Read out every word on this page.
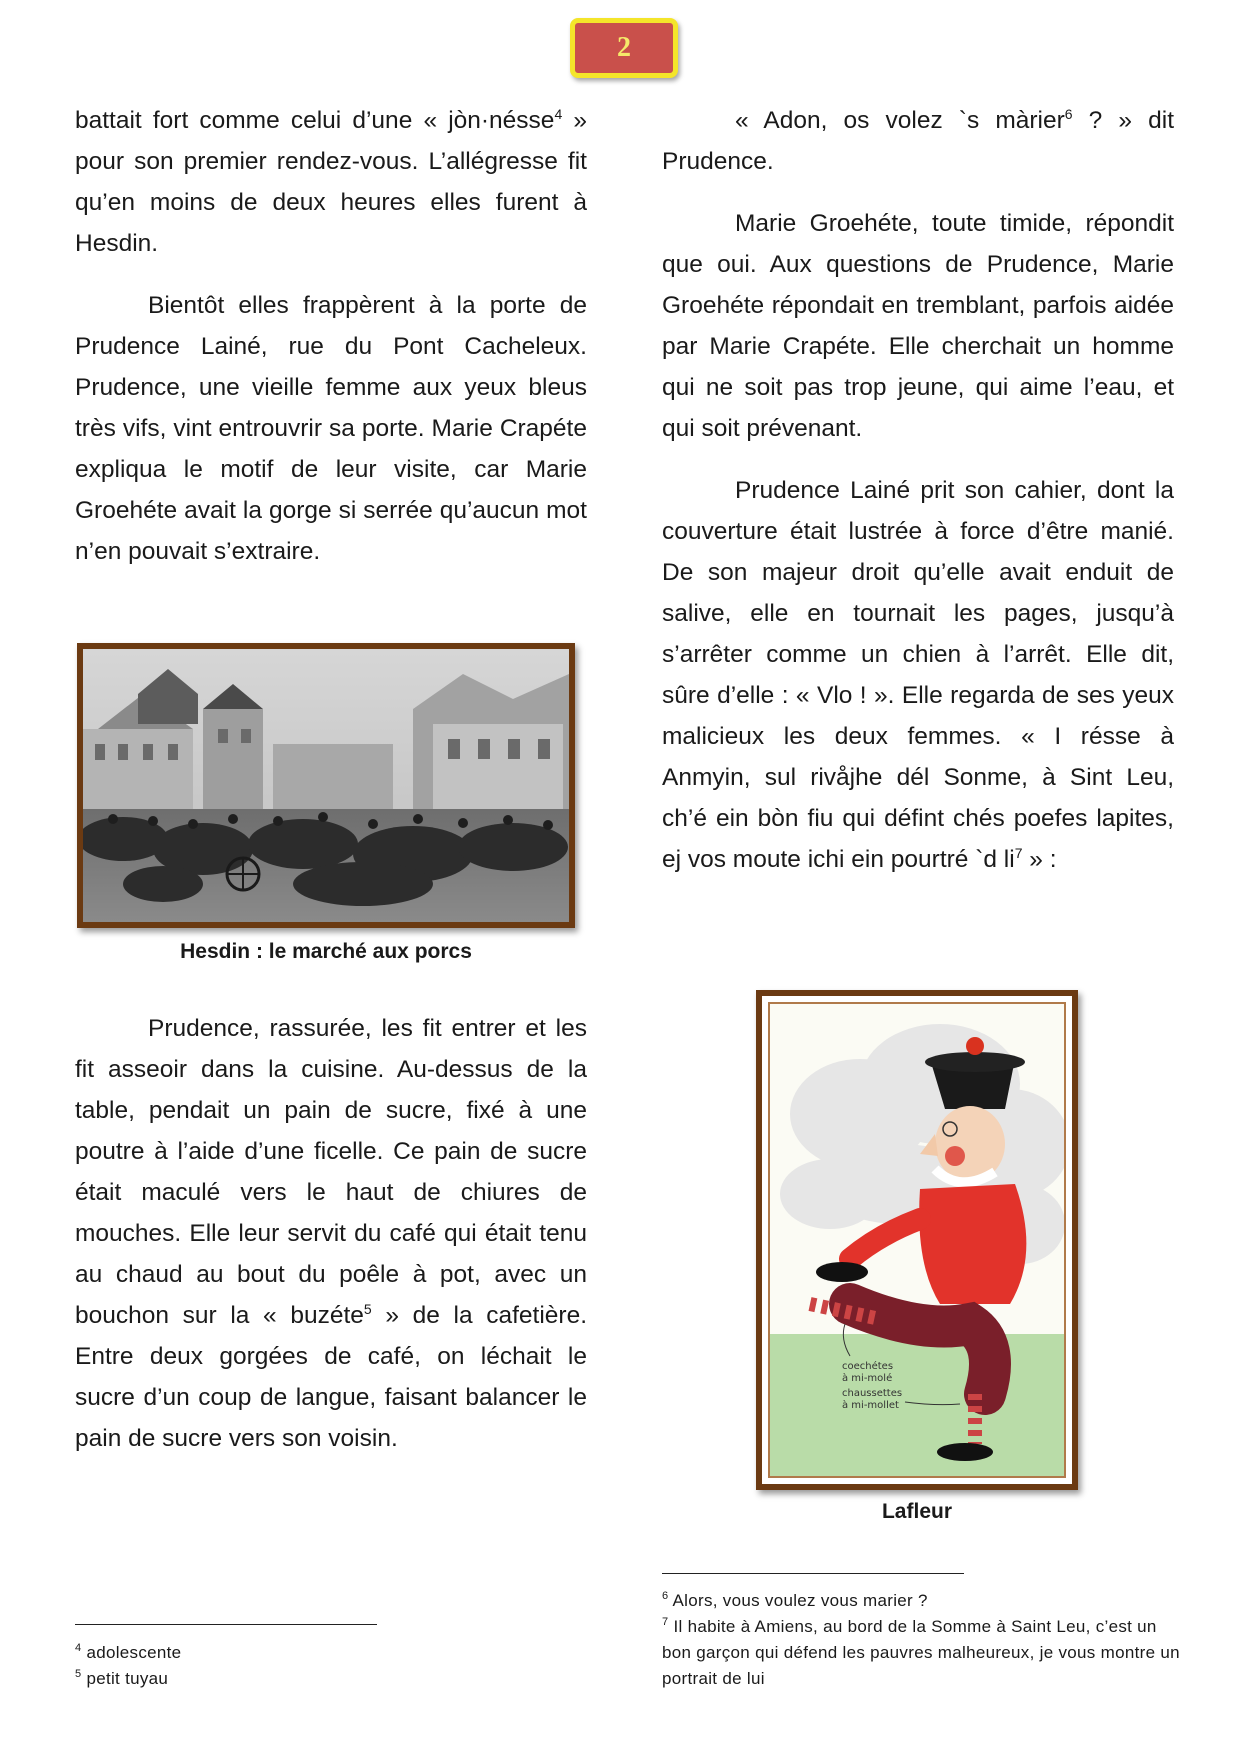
2

battait fort comme celui d’une « jòn·nésse$^4$ » pour son premier rendez-vous. L’allégresse fit qu’en moins de deux heures elles furent à Hesdin.

Bientôt elles frappèrent à la porte de Prudence Lainé, rue du Pont Cacheleux. Prudence, une vieille femme aux yeux bleus très vifs, vint entrouvrir sa porte. Marie Crapéte expliqua le motif de leur visite, car Marie Groehéte avait la gorge si serrée qu’aucun mot n’en pouvait s’extraire.

Hesdin : le marché aux porcs

Prudence, rassurée, les fit entrer et les fit asseoir dans la cuisine. Au-dessus de la table, pendait un pain de sucre, fixé à une poutre à l’aide d’une ficelle. Ce pain de sucre était maculé vers le haut de chiures de mouches. Elle leur servit du café qui était tenu au chaud au bout du poêle à pot, avec un bouchon sur la « buzéte$^5$ » de la cafetière. Entre deux gorgées de café, on léchait le sucre d’un coup de langue, faisant balancer le pain de sucre vers son voisin.

« Adon, os volez `s màrier$^6$ ? » dit Prudence.

Marie Groehéte, toute timide, répondit que oui. Aux questions de Prudence, Marie Groehéte répondait en tremblant, parfois aidée par Marie Crapéte. Elle cherchait un homme qui ne soit pas trop jeune, qui aime l’eau, et qui soit prévenant.

Prudence Lainé prit son cahier, dont la couverture était lustrée à force d’être manié. De son majeur droit qu’elle avait enduit de salive, elle en tournait les pages, jusqu’à s’arrêter comme un chien à l’arrêt. Elle dit, sûre d’elle : « Vlo ! ». Elle regarda de ses yeux malicieux les deux femmes. « I résse à Anmyin, sul rivåjhe dél Sonme, à Sint Leu, ch’é ein bòn fiu qui défint chés poefes lapites, ej vos moute ichi ein pourtré `d $li^7$ » :

coechétes
à mi-molé
chaussettes
à mi-mollet
Lafleur

$^4$ adolescente

$^5$ petit tuyau

$^6$ Alors, vous voulez vous marier ?

$^7$ Il habite à Amiens, au bord de la Somme à Saint Leu, c’est un bon garçon qui défend les pauvres malheureux, je vous montre un portrait de lui
